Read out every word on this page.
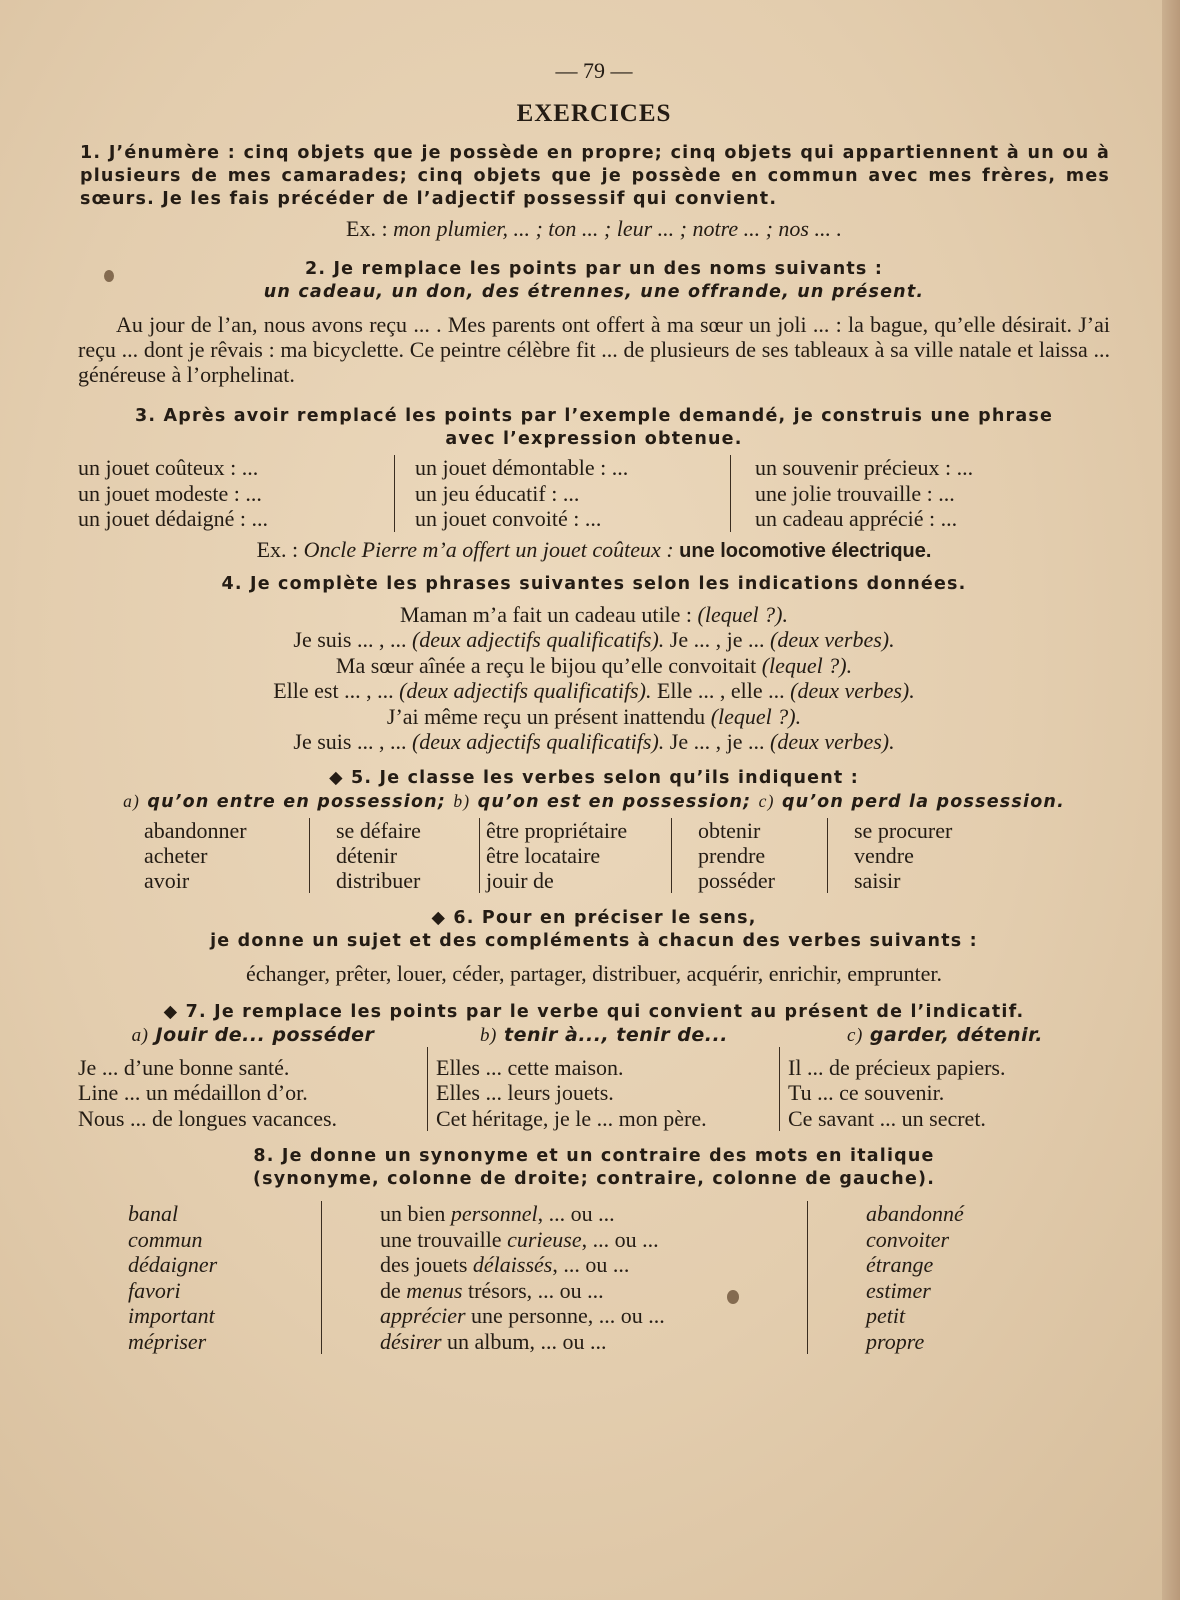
— 79 —
EXERCICES
1. J’énumère : cinq objets que je possède en propre; cinq objets qui appartiennent à un ou à plusieurs de mes camarades; cinq objets que je possède en commun avec mes frères, mes sœurs. Je les fais précéder de l’adjectif possessif qui convient.
Ex. : mon plumier, ... ; ton ... ; leur ... ; notre ... ; nos ... .
2. Je remplace les points par un des noms suivants :
un cadeau, un don, des étrennes, une offrande, un présent.
Au jour de l’an, nous avons reçu ... . Mes parents ont offert à ma sœur un joli ... : la bague, qu’elle désirait. J’ai reçu ... dont je rêvais : ma bicyclette. Ce peintre célèbre fit ... de plusieurs de ses tableaux à sa ville natale et laissa ... généreuse à l’orphelinat.
3. Après avoir remplacé les points par l’exemple demandé, je construis une phrase
avec l’expression obtenue.
un jouet coûteux : ...
un jouet modeste : ...
un jouet dédaigné : ...
un jouet démontable : ...
un jeu éducatif : ...
un jouet convoité : ...
un souvenir précieux : ...
une jolie trouvaille : ...
un cadeau apprécié : ...
Ex. : Oncle Pierre m’a offert un jouet coûteux : une locomotive électrique.
4. Je complète les phrases suivantes selon les indications données.
Maman m’a fait un cadeau utile : (lequel ?).
Je suis ... , ... (deux adjectifs qualificatifs). Je ... , je ... (deux verbes).
Ma sœur aînée a reçu le bijou qu’elle convoitait (lequel ?).
Elle est ... , ... (deux adjectifs qualificatifs). Elle ... , elle ... (deux verbes).
J’ai même reçu un présent inattendu (lequel ?).
Je suis ... , ... (deux adjectifs qualificatifs). Je ... , je ... (deux verbes).
◆ 5. Je classe les verbes selon qu’ils indiquent :
a) qu’on entre en possession; b) qu’on est en possession; c) qu’on perd la possession.
abandonner
acheter
avoir
se défaire
détenir
distribuer
être propriétaire
être locataire
jouir de
obtenir
prendre
posséder
se procurer
vendre
saisir
◆ 6. Pour en préciser le sens,
je donne un sujet et des compléments à chacun des verbes suivants :
échanger, prêter, louer, céder, partager, distribuer, acquérir, enrichir, emprunter.
◆ 7. Je remplace les points par le verbe qui convient au présent de l’indicatif.
a) Jouir de... posséder	b) tenir à..., tenir de...	c) garder, détenir.
Je ... d’une bonne santé.
Line ... un médaillon d’or.
Nous ... de longues vacances.
Elles ... cette maison.
Elles ... leurs jouets.
Cet héritage, je le ... mon père.
Il ... de précieux papiers.
Tu ... ce souvenir.
Ce savant ... un secret.
8. Je donne un synonyme et un contraire des mots en italique
(synonyme, colonne de droite; contraire, colonne de gauche).
banal
commun
dédaigner
favori
important
mépriser
un bien personnel, ... ou ...
une trouvaille curieuse, ... ou ...
des jouets délaissés, ... ou ...
de menus trésors, ... ou ...
apprécier une personne, ... ou ...
désirer un album, ... ou ...
abandonné
convoiter
étrange
estimer
petit
propre
